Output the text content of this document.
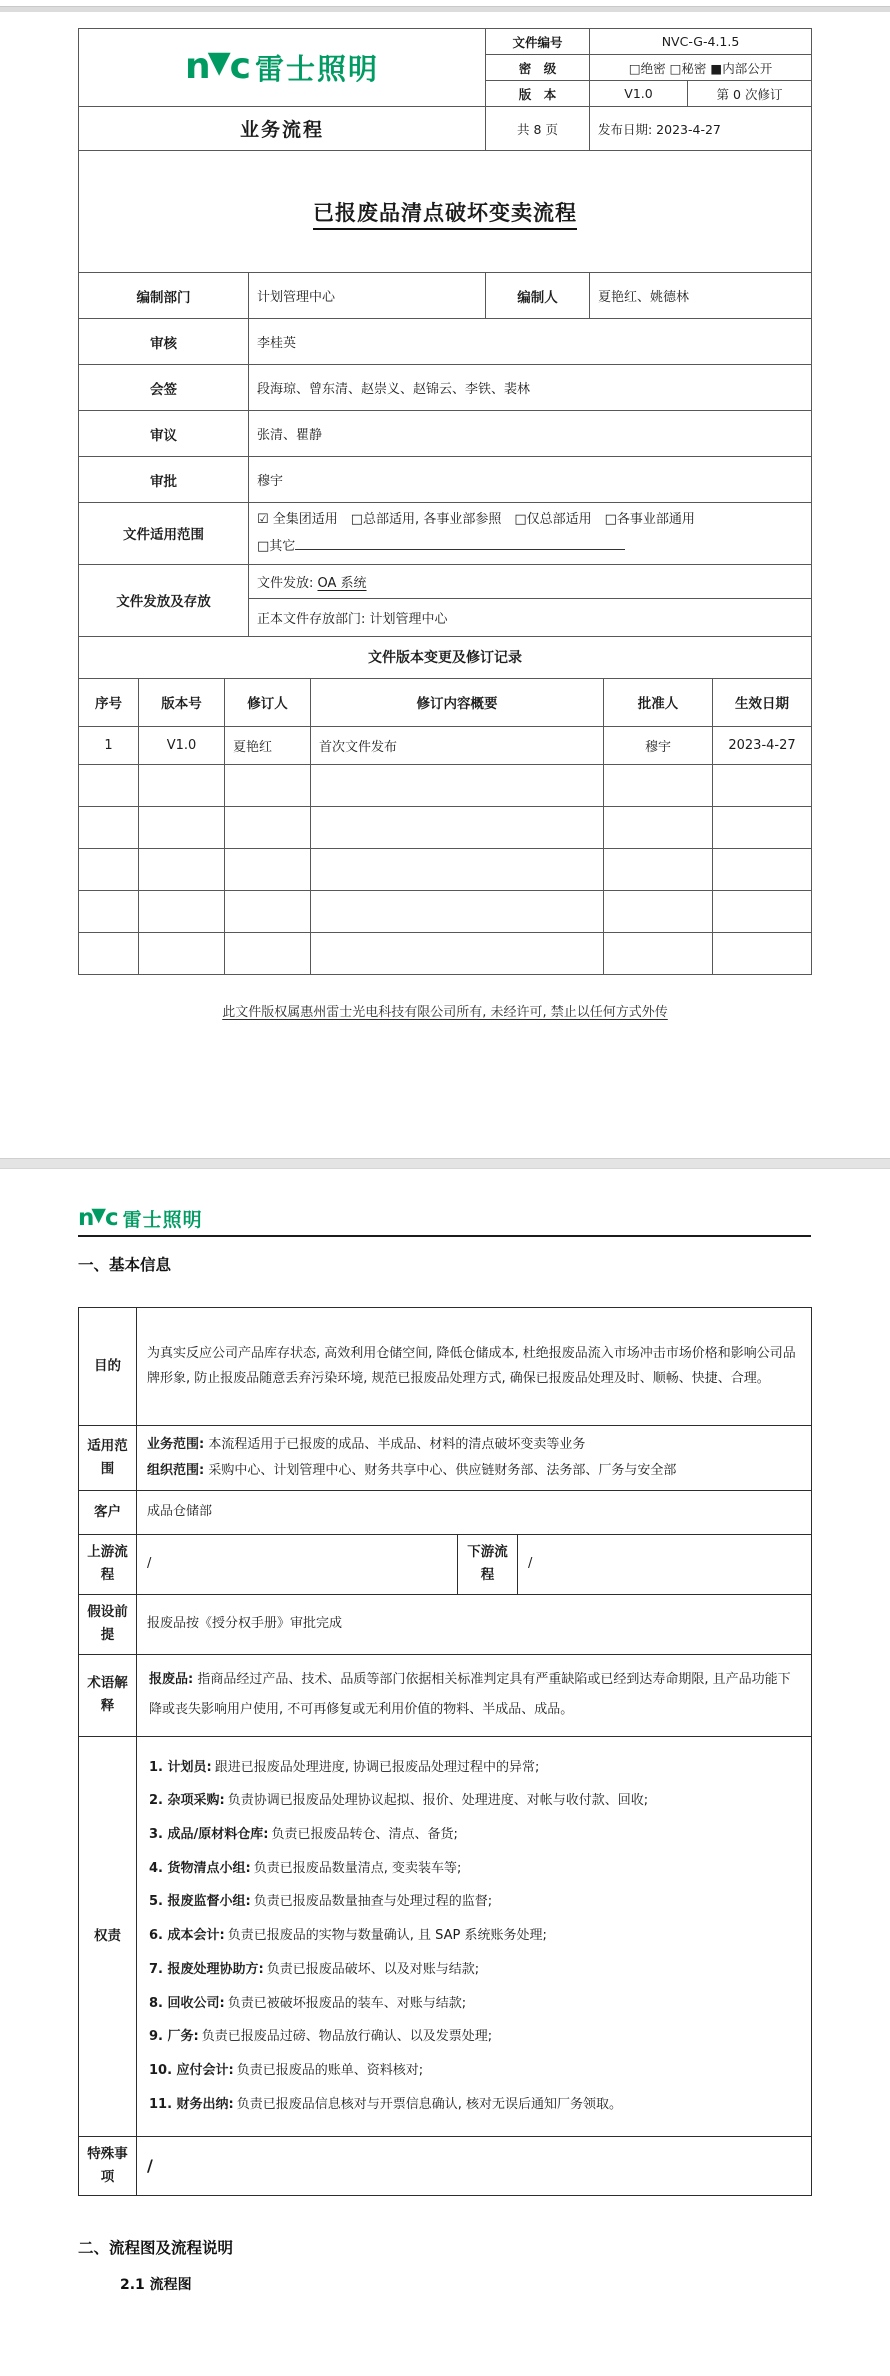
n ▼ c 雷士照明		文件编号	NVC-G-4.1.5	
		密　级	□绝密 □秘密 ■内部公开	
		版　本	V1.0	第 0 次修订
业务流程		共 8 页	发布日期: 2023-4-27	
已报废品清点破坏变卖流程				
编制部门	计划管理中心	编制人	夏艳红、姚德林	
审核	李桂英			
会签	段海琼、曾东清、赵崇义、赵锦云、李铁、裴林			
审议	张清、瞿静			
审批	穆宇			
文件适用范围	☑ 全集团适用　□总部适用, 各事业部参照　□仅总部适用　□各事业部通用
□其它			
文件发放及存放	文件发放: OA 系统			
	正本文件存放部门: 计划管理中心			
文件版本变更及修订记录				
序号	版本号	修订人	修订内容概要	批准人	生效日期
1	V1.0	夏艳红	首次文件发布	穆宇	2023-4-27

此文件版权属惠州雷士光电科技有限公司所有, 未经许可, 禁止以任何方式外传
n ▼ c 雷士照明
一、基本信息
目的	为真实反应公司产品库存状态, 高效利用仓储空间, 降低仓储成本, 杜绝报废品流入市场冲击市场价格和影响公司品牌形象, 防止报废品随意丢弃污染环境, 规范已报废品处理方式, 确保已报废品处理及时、顺畅、快捷、合理。		
适用范围	业务范围: 本流程适用于已报废的成品、半成品、材料的清点破坏变卖等业务
组织范围: 采购中心、计划管理中心、财务共享中心、供应链财务部、法务部、厂务与安全部		

客户	成品仓储部		
上游流程	/	下游流程	/
假设前提	报废品按《授分权手册》审批完成		
术语解释	报废品: 指商品经过产品、技术、品质等部门依据相关标准判定具有严重缺陷或已经到达寿命期限, 且产品功能下降或丧失影响用户使用, 不可再修复或无利用价值的物料、半成品、成品。		
权责	
1. 计划员: 跟进已报废品处理进度, 协调已报废品处理过程中的异常;
2. 杂项采购: 负责协调已报废品处理协议起拟、报价、处理进度、对帐与收付款、回收;
3. 成品/原材料仓库: 负责已报废品转仓、清点、备货;
4. 货物清点小组: 负责已报废品数量清点, 变卖装车等;
5. 报废监督小组: 负责已报废品数量抽查与处理过程的监督;
6. 成本会计: 负责已报废品的实物与数量确认, 且 SAP 系统账务处理;
7. 报废处理协助方: 负责已报废品破坏、以及对账与结款;
8. 回收公司: 负责已被破坏报废品的装车、对账与结款;
9. 厂务: 负责已报废品过磅、物品放行确认、以及发票处理;
10. 应付会计: 负责已报废品的账单、资料核对;
11. 财务出纳: 负责已报废品信息核对与开票信息确认, 核对无误后通知厂务领取。

特殊事项	/		
二、流程图及流程说明
2.1 流程图
